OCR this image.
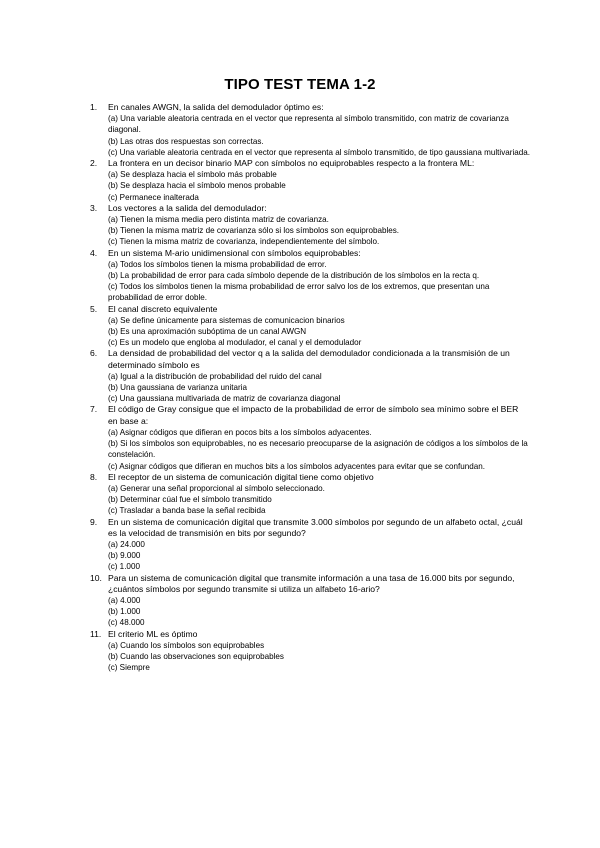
TIPO TEST TEMA 1-2
1.	En canales AWGN, la salida del demodulador óptimo es:
(a) Una variable aleatoria centrada en el vector que representa al símbolo transmitido, con matriz de covarianza diagonal.
(b) Las otras dos respuestas son correctas.
(c) Una variable aleatoria centrada en el vector que representa al símbolo transmitido, de tipo gaussiana multivariada.
2.	La frontera en un decisor binario MAP con símbolos no equiprobables respecto a la frontera ML:
(a) Se desplaza hacia el símbolo más probable
(b) Se desplaza hacia el símbolo menos probable
(c) Permanece inalterada
3.	Los vectores a la salida del demodulador:
(a) Tienen la misma media pero distinta matriz de covarianza.
(b) Tienen la misma matriz de covarianza sólo si los símbolos son equiprobables.
(c) Tienen la misma matriz de covarianza, independientemente del símbolo.
4.	En un sistema M-ario unidimensional con símbolos equiprobables:
(a) Todos los símbolos tienen la misma probabilidad de error.
(b) La probabilidad de error para cada símbolo depende de la distribución de los símbolos en la recta q.
(c) Todos los símbolos tienen la misma probabilidad de error salvo los de los extremos, que presentan una probabilidad de error doble.
5.	El canal discreto equivalente
(a) Se define únicamente para sistemas de comunicacion binarios
(b) Es una aproximación subóptima de un canal AWGN
(c) Es un modelo que engloba al modulador, el canal y el demodulador
6.	La densidad de probabilidad del vector q a la salida del demodulador condicionada a la transmisión de un determinado símbolo es
(a) Igual a la distribución de probabilidad del ruido del canal
(b) Una gaussiana de varianza unitaria
(c) Una gaussiana multivariada de matriz de covarianza diagonal
7.	El código de Gray consigue que el impacto de la probabilidad de error de símbolo sea mínimo sobre el BER en base a:
(a) Asignar códigos que difieran en pocos bits a los símbolos adyacentes.
(b) Si los símbolos son equiprobables, no es necesario preocuparse de la asignación de códigos a los símbolos de la constelación.
(c) Asignar códigos que difieran en muchos bits a los símbolos adyacentes para evitar que se confundan.
8.	El receptor de un sistema de comunicación digital tiene como objetivo
(a) Generar una señal proporcional al símbolo seleccionado.
(b) Determinar cúal fue el símbolo transmitido
(c) Trasladar a banda base la señal recibida
9.	En un sistema de comunicación digital que transmite 3.000 símbolos por segundo de un alfabeto octal, ¿cuál es la velocidad de transmisión en bits por segundo?
(a) 24.000
(b) 9.000
(c) 1.000
10. Para un sistema de comunicación digital que transmite información a una tasa de 16.000 bits por segundo, ¿cuántos símbolos por segundo transmite si utiliza un alfabeto 16-ario?
(a) 4.000
(b) 1.000
(c) 48.000
11. El criterio ML es óptimo
(a) Cuando los símbolos son equiprobables
(b) Cuando las observaciones son equiprobables
(c) Siempre
